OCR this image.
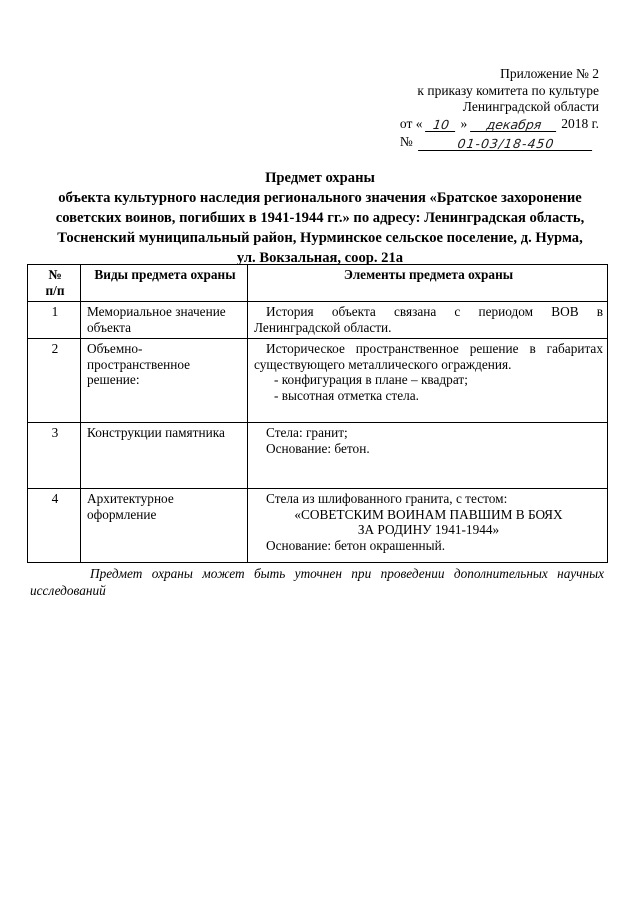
Приложение № 2
к приказу комитета по культуре
Ленинградской области
от « 10 »	декабря	2018 г.
№	01-03/18-450
Предмет охраны
объекта культурного наследия регионального значения «Братское захоронение
советских воинов, погибших в 1941-1944 гг.» по адресу: Ленинградская область,
Тосненский муниципальный район, Нурминское сельское поселение, д. Нурма,
ул. Вокзальная, соор. 21а
№
п/п	Виды предмета охраны	Элементы предмета охраны
1	Мемориальное значение объекта	История объекта связана с периодом ВОВ в Ленинградской области.

2	Объемно-пространственное решение:	Историческое пространственное решение в габаритах существующего металлического ограждения.
- конфигурация в плане – квадрат;
- высотная отметка стела.

3	Конструкции памятника	Стела: гранит;
Основание: бетон.

4	Архитектурное оформление	Стела из шлифованного гранита, с тестом:
«СОВЕТСКИМ ВОИНАМ ПАВШИМ В БОЯХ
ЗА РОДИНУ 1941-1944»
Основание: бетон окрашенный.
Предмет охраны может быть уточнен при проведении дополнительных научных исследований
